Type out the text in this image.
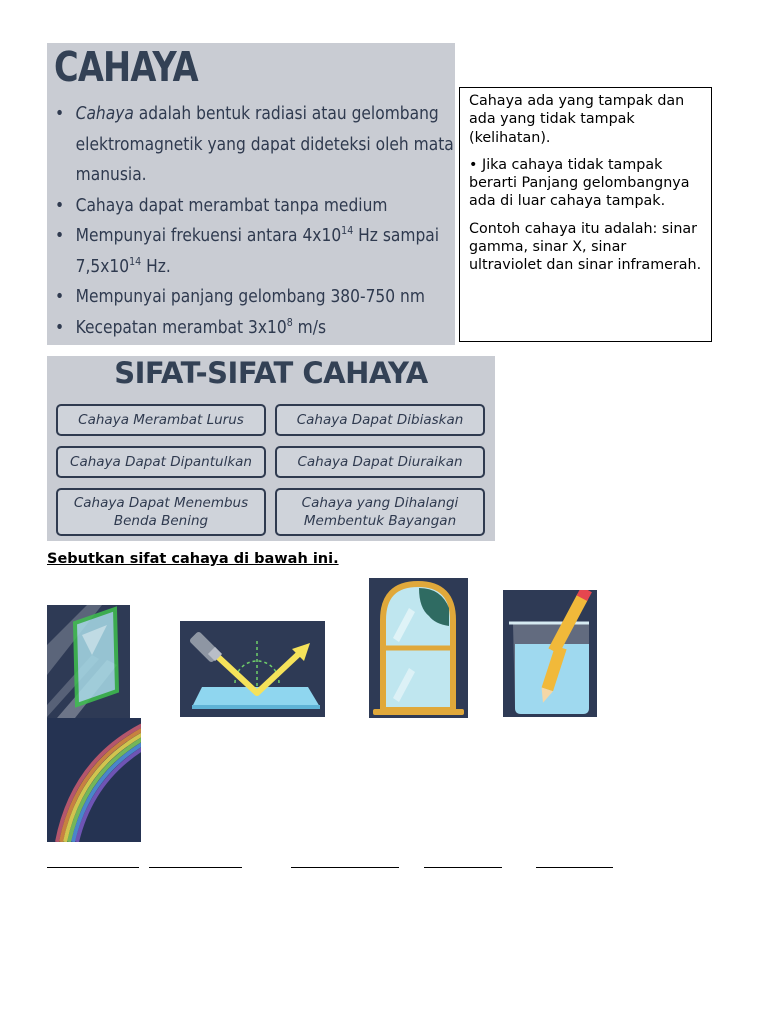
CAHAYA
• Cahaya adalah bentuk radiasi atau gelombang elektromagnetik yang dapat dideteksi oleh mata manusia.
• Cahaya dapat merambat tanpa medium
• Mempunyai frekuensi antara $4x10^{14}$ Hz sampai $7,5x10^{14}$ Hz.
• Mempunyai panjang gelombang 380-750 nm
• Kecepatan merambat $3x10^8$ m/s

Cahaya ada yang tampak dan ada yang tidak tampak (kelihatan).

• Jika cahaya tidak tampak berarti Panjang gelombangnya ada di luar cahaya tampak.

Contoh cahaya itu adalah: sinar gamma, sinar X, sinar ultraviolet dan sinar inframerah.

SIFAT-SIFAT CAHAYA
Cahaya Merambat Lurus	Cahaya Dapat Dibiaskan
Cahaya Dapat Dipantulkan	Cahaya Dapat Diuraikan
Cahaya Dapat Menembus Benda Bening
Cahaya yang Dihalangi Membentuk Bayangan
Sebutkan sifat cahaya di bawah ini.
